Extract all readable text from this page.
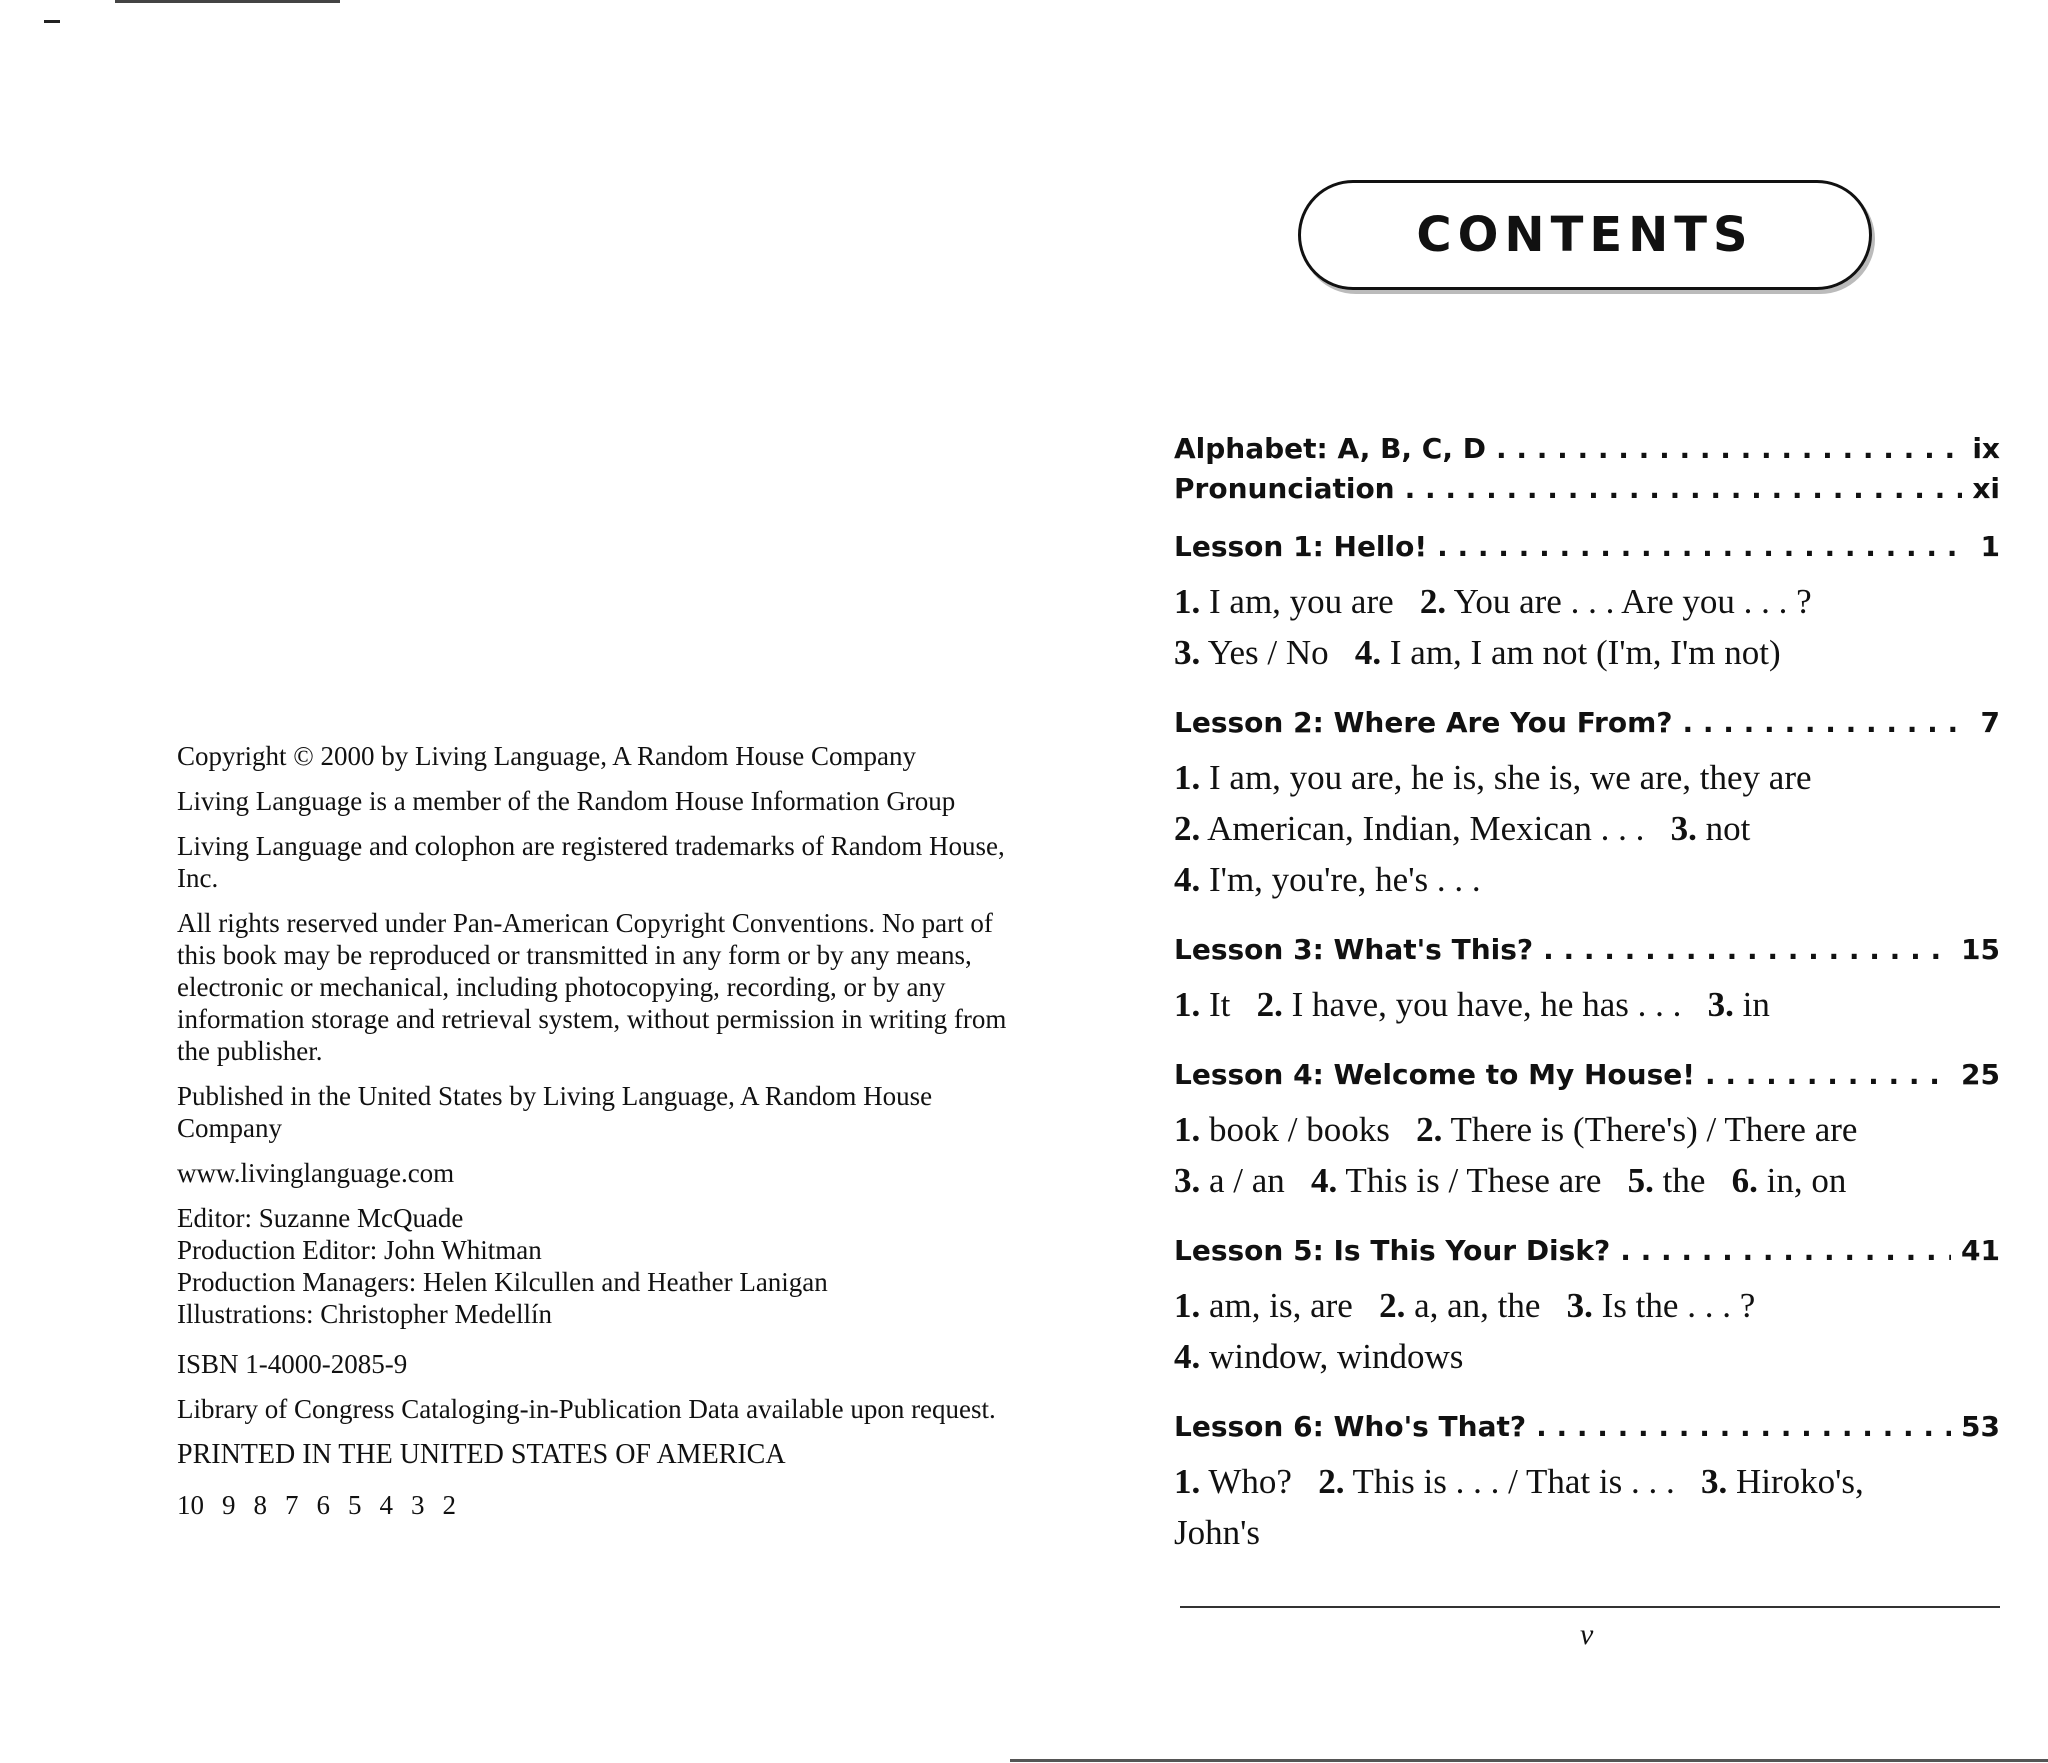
Copyright © 2000 by Living Language, A Random House Company

Living Language is a member of the Random House Information Group

Living Language and colophon are registered trademarks of Random House, Inc.

All rights reserved under Pan-American Copyright Conventions. No part of this book may be reproduced or transmitted in any form or by any means, electronic or mechanical, including photocopying, recording, or by any information storage and retrieval system, without permission in writing from the publisher.

Published in the United States by Living Language, A Random House Company

www.livinglanguage.com

Editor: Suzanne McQuade

Production Editor: John Whitman

Production Managers: Helen Kilcullen and Heather Lanigan

Illustrations: Christopher Medellín

ISBN 1-4000-2085-9

Library of Congress Cataloging-in-Publication Data available upon request.

PRINTED IN THE UNITED STATES OF AMERICA

10 9 8 7 6 5 4 3 2

CONTENTS
Alphabet: A, B, C, D . . .	ix
Pronunciation . . .	xi
Lesson 1: Hello! . . .	1
1. I am, you are   2. You are . . . Are you . . . ?
3. Yes / No   4. I am, I am not (I'm, I'm not)
Lesson 2: Where Are You From? . . .	7
1. I am, you are, he is, she is, we are, they are
2. American, Indian, Mexican . . .   3. not
4. I'm, you're, he's . . .
Lesson 3: What's This? . . .	15
1. It   2. I have, you have, he has . . .   3. in
Lesson 4: Welcome to My House! . . .	25
1. book / books   2. There is (There's) / There are
3. a / an   4. This is / These are   5. the   6. in, on
Lesson 5: Is This Your Disk? . . .	41
1. am, is, are   2. a, an, the   3. Is the . . . ?
4. window, windows
Lesson 6: Who's That? . . .	53
1. Who?   2. This is . . . / That is . . .   3. Hiroko's,
John's
v
